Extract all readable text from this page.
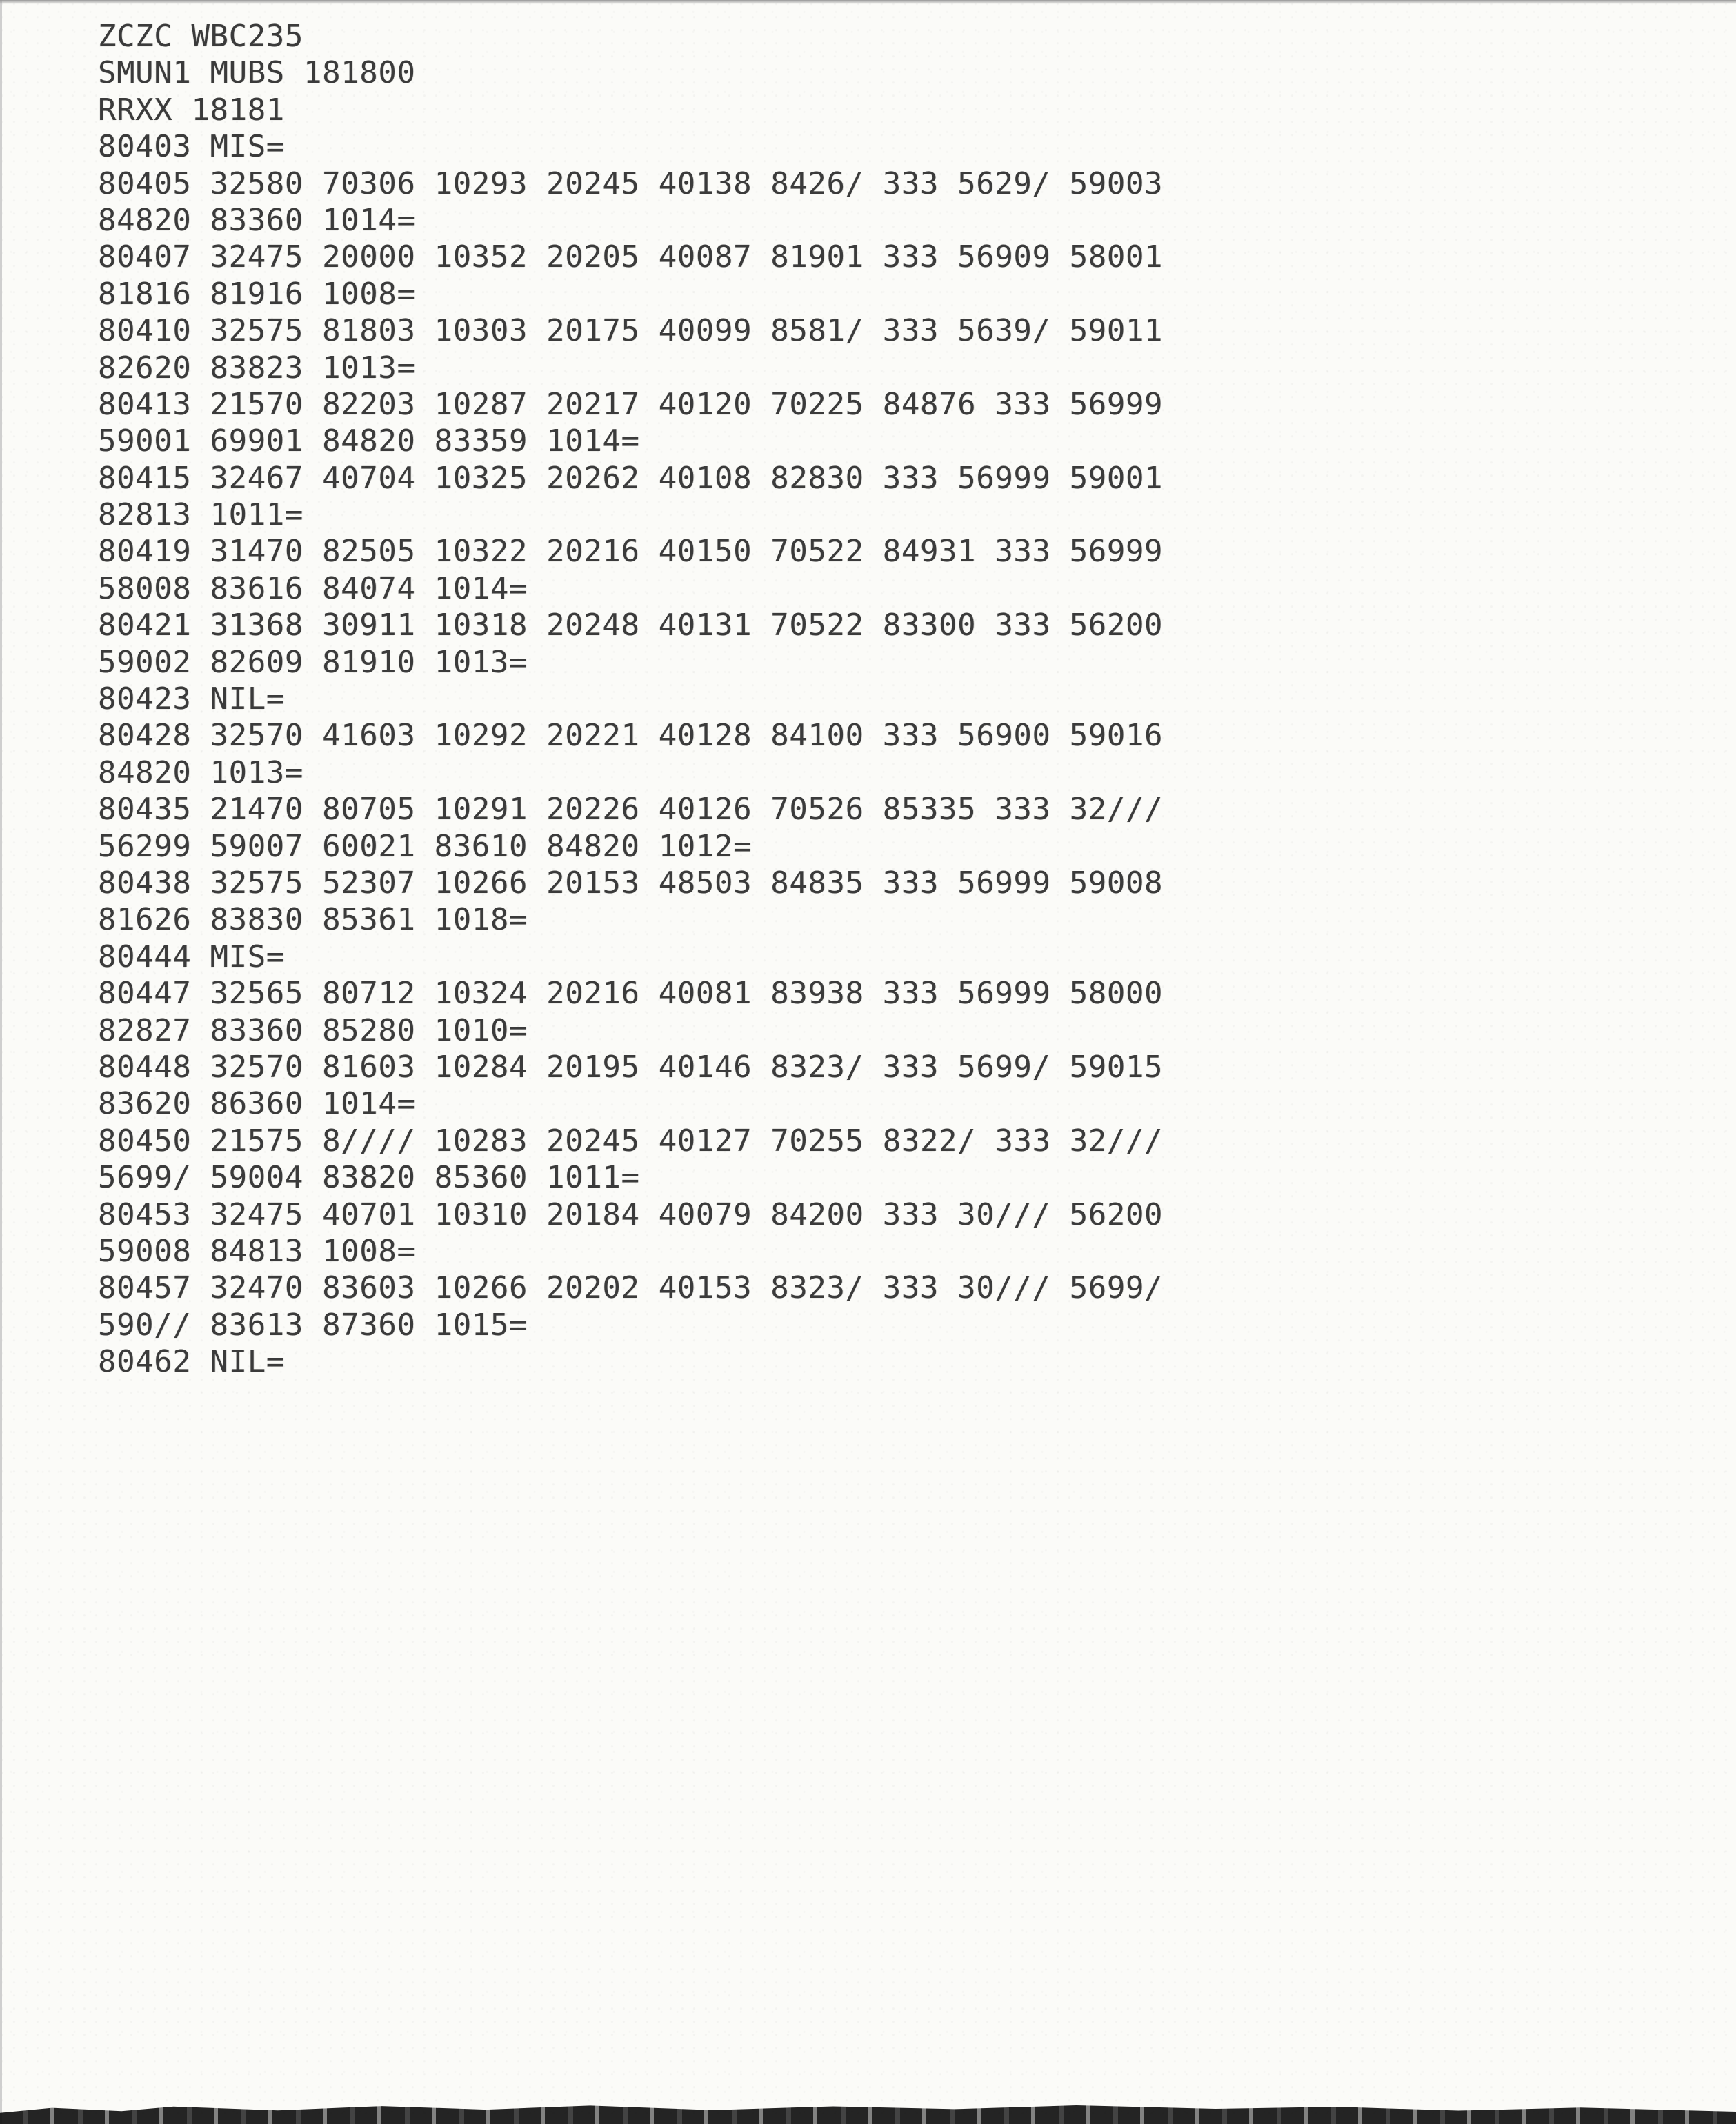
ZCZC WBC235
SMUN1 MUBS 181800
RRXX 18181
80403 MIS=
80405 32580 70306 10293 20245 40138 8426/ 333 5629/ 59003
84820 83360 1014=
80407 32475 20000 10352 20205 40087 81901 333 56909 58001
81816 81916 1008=
80410 32575 81803 10303 20175 40099 8581/ 333 5639/ 59011
82620 83823 1013=
80413 21570 82203 10287 20217 40120 70225 84876 333 56999
59001 69901 84820 83359 1014=
80415 32467 40704 10325 20262 40108 82830 333 56999 59001
82813 1011=
80419 31470 82505 10322 20216 40150 70522 84931 333 56999
58008 83616 84074 1014=
80421 31368 30911 10318 20248 40131 70522 83300 333 56200
59002 82609 81910 1013=
80423 NIL=
80428 32570 41603 10292 20221 40128 84100 333 56900 59016
84820 1013=
80435 21470 80705 10291 20226 40126 70526 85335 333 32///
56299 59007 60021 83610 84820 1012=
80438 32575 52307 10266 20153 48503 84835 333 56999 59008
81626 83830 85361 1018=
80444 MIS=
80447 32565 80712 10324 20216 40081 83938 333 56999 58000
82827 83360 85280 1010=
80448 32570 81603 10284 20195 40146 8323/ 333 5699/ 59015
83620 86360 1014=
80450 21575 8//// 10283 20245 40127 70255 8322/ 333 32///
5699/ 59004 83820 85360 1011=
80453 32475 40701 10310 20184 40079 84200 333 30/// 56200
59008 84813 1008=
80457 32470 83603 10266 20202 40153 8323/ 333 30/// 5699/
590// 83613 87360 1015=
80462 NIL=
